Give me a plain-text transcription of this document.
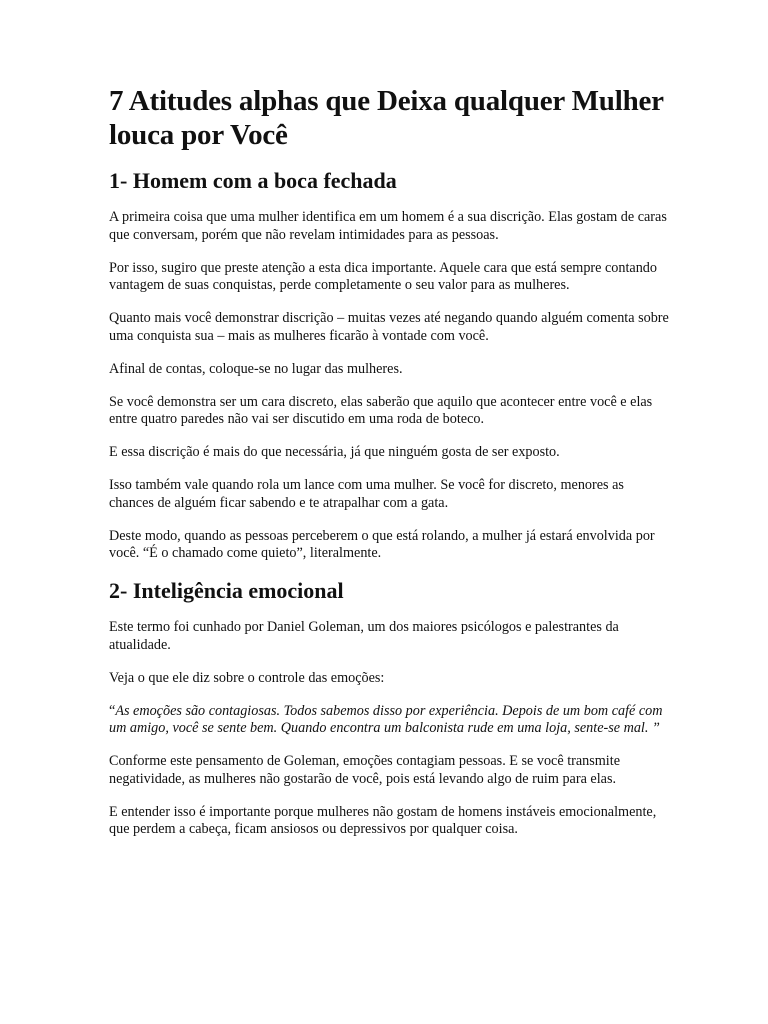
7 Atitudes alphas que Deixa qualquer Mulher louca por Você
1- Homem com a boca fechada

A primeira coisa que uma mulher identifica em um homem é a sua discrição. Elas gostam de caras que conversam, porém que não revelam intimidades para as pessoas.

Por isso, sugiro que preste atenção a esta dica importante. Aquele cara que está sempre contando vantagem de suas conquistas, perde completamente o seu valor para as mulheres.

Quanto mais você demonstrar discrição – muitas vezes até negando quando alguém comenta sobre uma conquista sua – mais as mulheres ficarão à vontade com você.

Afinal de contas, coloque-se no lugar das mulheres.

Se você demonstra ser um cara discreto, elas saberão que aquilo que acontecer entre você e elas entre quatro paredes não vai ser discutido em uma roda de boteco.

E essa discrição é mais do que necessária, já que ninguém gosta de ser exposto.

Isso também vale quando rola um lance com uma mulher. Se você for discreto, menores as chances de alguém ficar sabendo e te atrapalhar com a gata.

Deste modo, quando as pessoas perceberem o que está rolando, a mulher já estará envolvida por você. “É o chamado come quieto”, literalmente.

2- Inteligência emocional

Este termo foi cunhado por Daniel Goleman, um dos maiores psicólogos e palestrantes da atualidade.

Veja o que ele diz sobre o controle das emoções:

“As emoções são contagiosas. Todos sabemos disso por experiência. Depois de um bom café com um amigo, você se sente bem. Quando encontra um balconista rude em uma loja, sente-se mal. ”

Conforme este pensamento de Goleman, emoções contagiam pessoas. E se você transmite negatividade, as mulheres não gostarão de você, pois está levando algo de ruim para elas.

E entender isso é importante porque mulheres não gostam de homens instáveis emocionalmente, que perdem a cabeça, ficam ansiosos ou depressivos por qualquer coisa.
